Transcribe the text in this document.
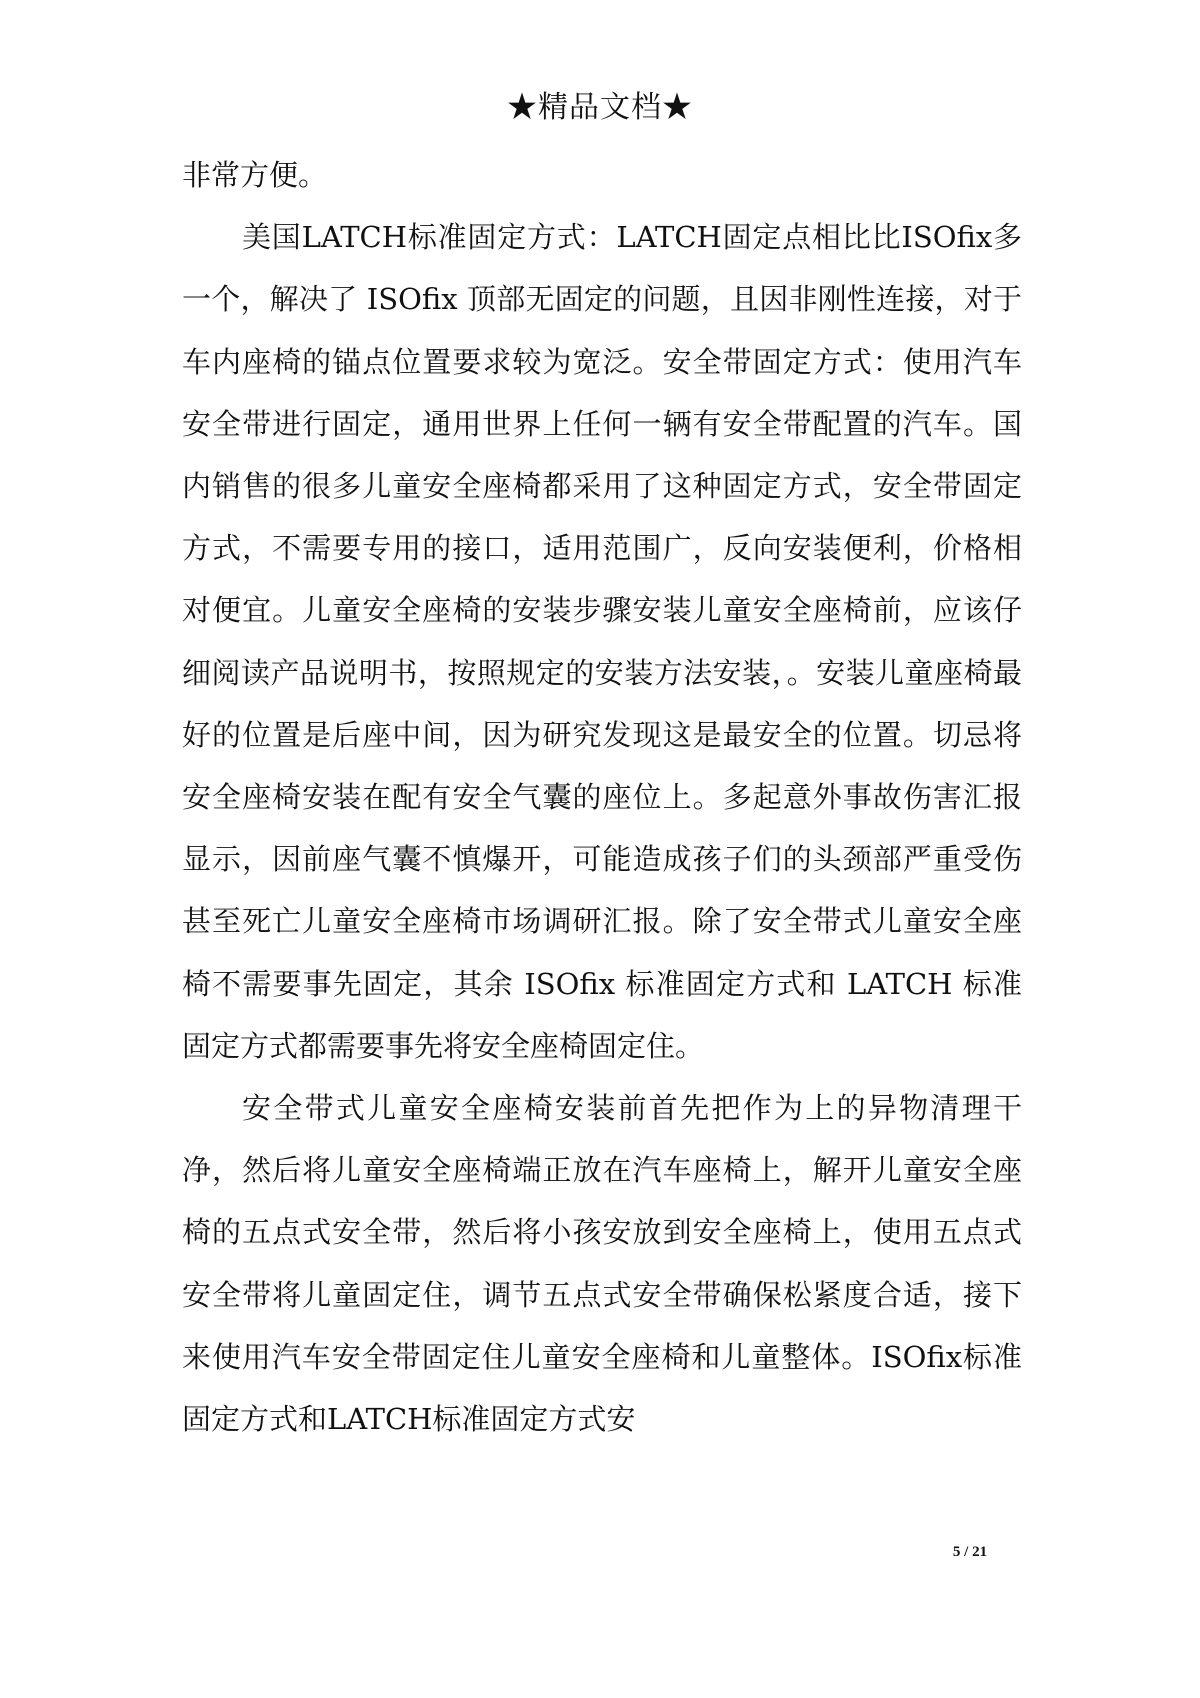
★精品文档★

非常方便。

美国LATCH标准固定方式：LATCH固定点相比比ISOfix多一个，解决了 ISOfix 顶部无固定的问题，且因非刚性连接，对于车内座椅的锚点位置要求较为宽泛。安全带固定方式：使用汽车安全带进行固定，通用世界上任何一辆有安全带配置的汽车。国内销售的很多儿童安全座椅都采用了这种固定方式，安全带固定方式，不需要专用的接口，适用范围广，反向安装便利，价格相对便宜。儿童安全座椅的安装步骤安装儿童安全座椅前，应该仔细阅读产品说明书，按照规定的安装方法安装，。安装儿童座椅最好的位置是后座中间，因为研究发现这是最安全的位置。切忌将安全座椅安装在配有安全气囊的座位上。多起意外事故伤害汇报显示，因前座气囊不慎爆开，可能造成孩子们的头颈部严重受伤甚至死亡儿童安全座椅市场调研汇报。除了安全带式儿童安全座椅不需要事先固定，其余 ISOfix 标准固定方式和 LATCH 标准固定方式都需要事先将安全座椅固定住。

安全带式儿童安全座椅安装前首先把作为上的异物清理干净，然后将儿童安全座椅端正放在汽车座椅上，解开儿童安全座椅的五点式安全带，然后将小孩安放到安全座椅上，使用五点式安全带将儿童固定住，调节五点式安全带确保松紧度合适，接下来使用汽车安全带固定住儿童安全座椅和儿童整体。ISOfix标准固定方式和LATCH标准固定方式安

5 / 21
